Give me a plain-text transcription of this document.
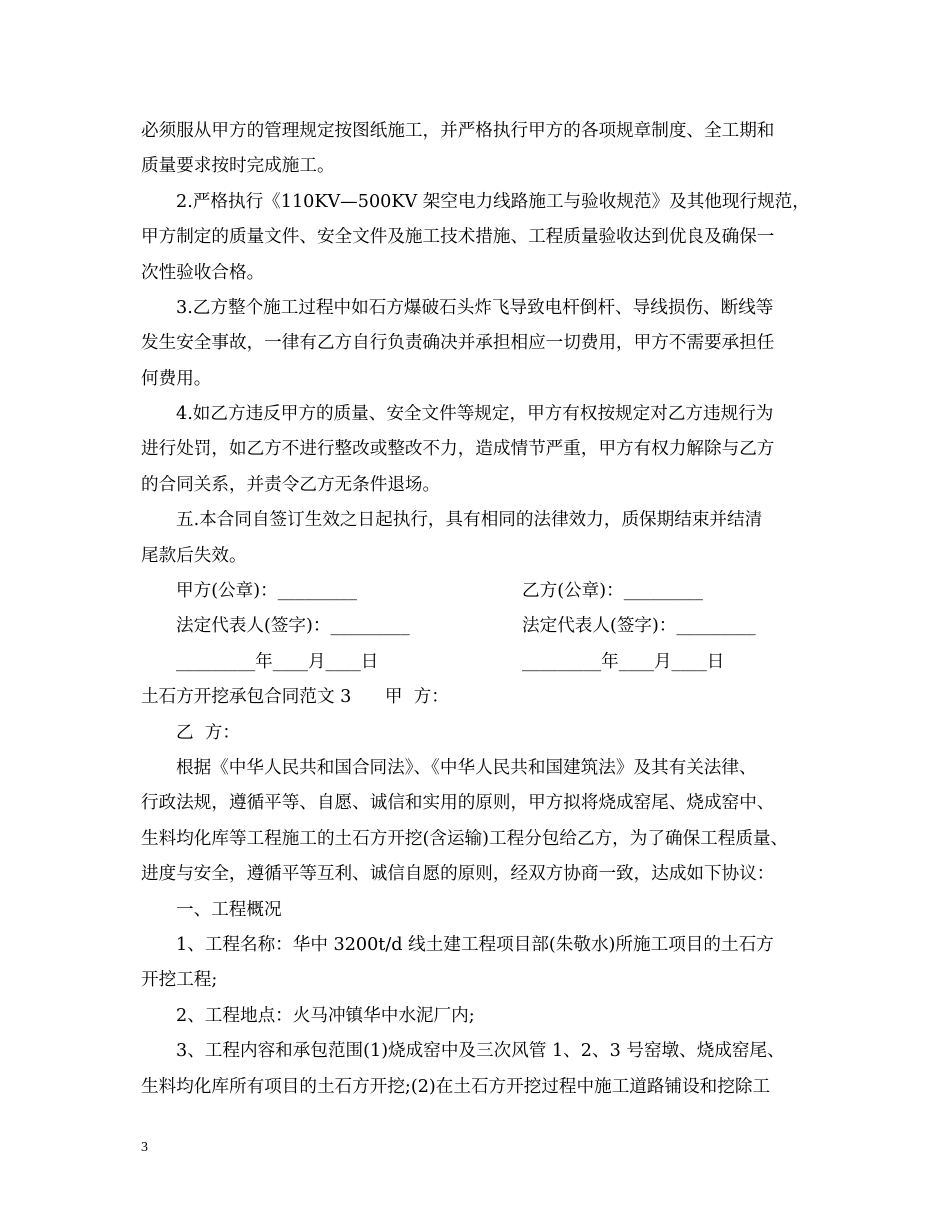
必须服从甲方的管理规定按图纸施工，并严格执行甲方的各项规章制度、全工期和
质量要求按时完成施工。
2.严格执行《110KV—500KV 架空电力线路施工与验收规范》及其他现行规范，
甲方制定的质量文件、安全文件及施工技术措施、工程质量验收达到优良及确保一
次性验收合格。
3.乙方整个施工过程中如石方爆破石头炸飞导致电杆倒杆、导线损伤、断线等
发生安全事故，一律有乙方自行负责确决并承担相应一切费用，甲方不需要承担任
何费用。
4.如乙方违反甲方的质量、安全文件等规定，甲方有权按规定对乙方违规行为
进行处罚，如乙方不进行整改或整改不力，造成情节严重，甲方有权力解除与乙方
的合同关系，并责令乙方无条件退场。
五.本合同自签订生效之日起执行，具有相同的法律效力，质保期结束并结清
尾款后失效。
甲方(公章)：_________	乙方(公章)：_________
法定代表人(签字)：_________	法定代表人(签字)：_________
_________年____月____日	_________年____月____日
土石方开挖承包合同范文 3      甲  方：
乙  方：
根据《中华人民共和国合同法》、《中华人民共和国建筑法》及其有关法律、
行政法规，遵循平等、自愿、诚信和实用的原则，甲方拟将烧成窑尾、烧成窑中、
生料均化库等工程施工的土石方开挖(含运输)工程分包给乙方，为了确保工程质量、
进度与安全，遵循平等互利、诚信自愿的原则，经双方协商一致，达成如下协议：
一、工程概况
1、工程名称：华中 3200t/d 线土建工程项目部(朱敬水)所施工项目的土石方
开挖工程;
2、工程地点：火马冲镇华中水泥厂内;
3、工程内容和承包范围(1)烧成窑中及三次风管 1、2、3 号窑墩、烧成窑尾、
生料均化库所有项目的土石方开挖;(2)在土石方开挖过程中施工道路铺设和挖除工
3
